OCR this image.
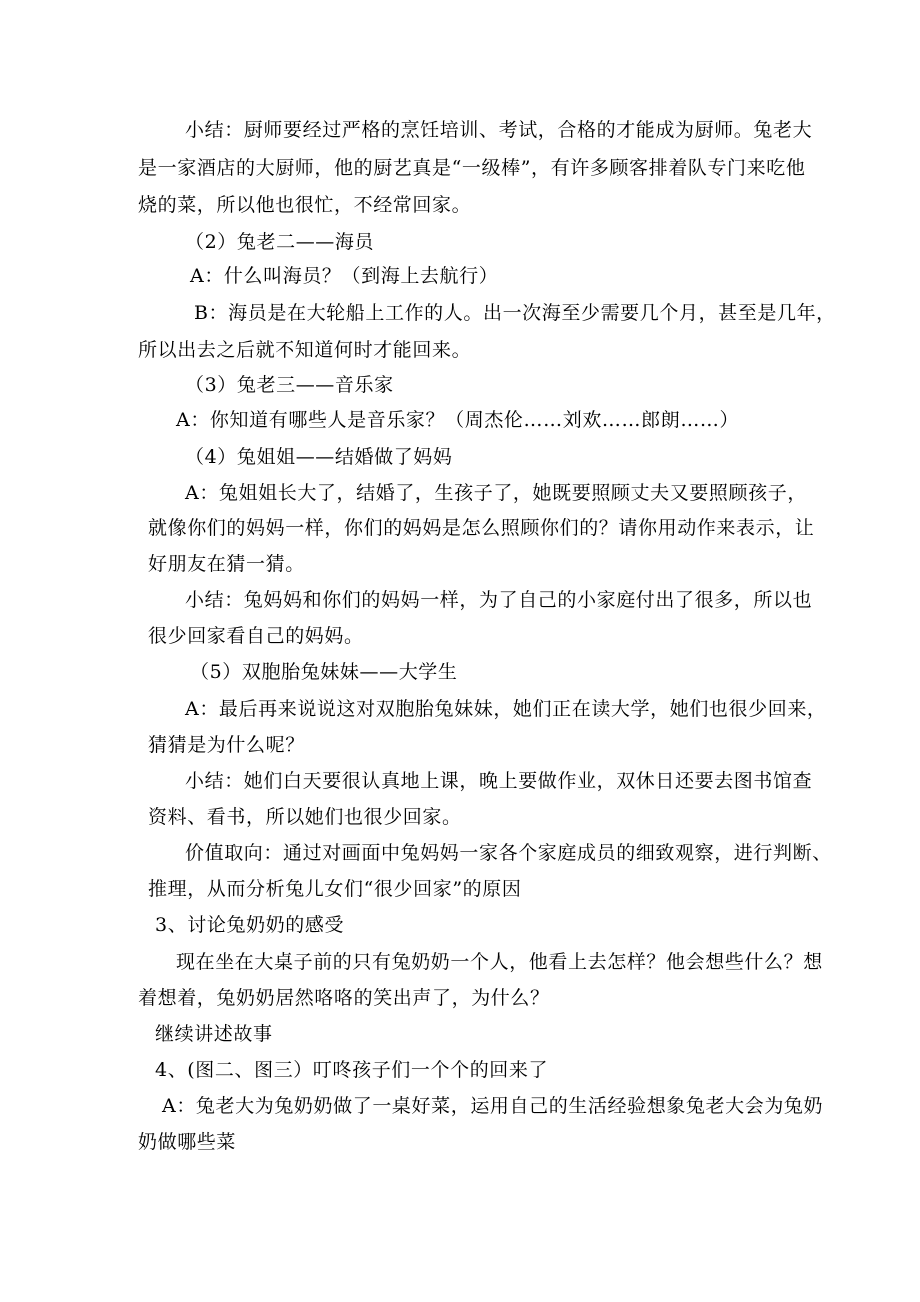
小结：厨师要经过严格的烹饪培训、考试，合格的才能成为厨师。兔老大
是一家酒店的大厨师，他的厨艺真是“一级棒”，有许多顾客排着队专门来吃他
烧的菜，所以他也很忙，不经常回家。
（2）兔老二——海员
A：什么叫海员？（到海上去航行）
B：海员是在大轮船上工作的人。出一次海至少需要几个月，甚至是几年，
所以出去之后就不知道何时才能回来。
（3）兔老三——音乐家
A：你知道有哪些人是音乐家？（周杰伦……刘欢……郎朗……）
（4）兔姐姐——结婚做了妈妈
A：兔姐姐长大了，结婚了，生孩子了，她既要照顾丈夫又要照顾孩子，
就像你们的妈妈一样，你们的妈妈是怎么照顾你们的？请你用动作来表示，让
好朋友在猜一猜。
小结：兔妈妈和你们的妈妈一样，为了自己的小家庭付出了很多，所以也
很少回家看自己的妈妈。
（5）双胞胎兔妹妹——大学生
A：最后再来说说这对双胞胎兔妹妹，她们正在读大学，她们也很少回来，
猜猜是为什么呢？
小结：她们白天要很认真地上课，晚上要做作业，双休日还要去图书馆查
资料、看书，所以她们也很少回家。
价值取向：通过对画面中兔妈妈一家各个家庭成员的细致观察，进行判断、
推理，从而分析兔儿女们“很少回家”的原因
3、讨论兔奶奶的感受
现在坐在大桌子前的只有兔奶奶一个人，他看上去怎样？他会想些什么？想
着想着，兔奶奶居然咯咯的笑出声了，为什么？
继续讲述故事
4、(图二、图三）叮咚孩子们一个个的回来了
A：兔老大为兔奶奶做了一桌好菜，运用自己的生活经验想象兔老大会为兔奶
奶做哪些菜
